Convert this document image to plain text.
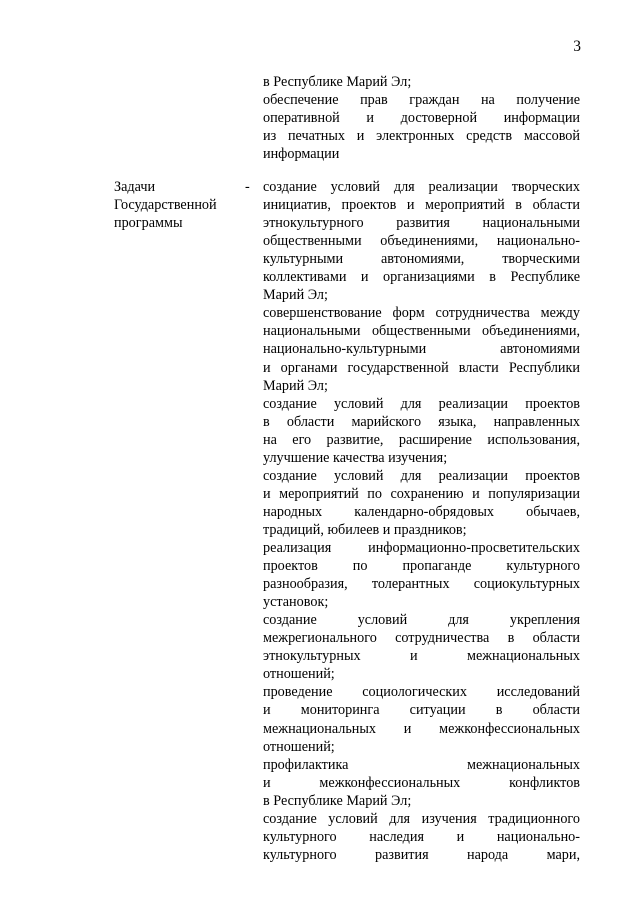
3
в Республике Марий Эл;
обеспечение прав граждан на получение
оперативной и достоверной информации
из печатных и электронных средств массовой
информации
Задачи
Государственной
программы
- создание условий для реализации творческих
инициатив, проектов и мероприятий в области
этнокультурного развития национальными
общественными объединениями, национально-
культурными автономиями, творческими
коллективами и организациями в Республике
Марий Эл;
совершенствование форм сотрудничества между
национальными общественными объединениями,
национально-культурными автономиями
и органами государственной власти Республики
Марий Эл;
создание условий для реализации проектов
в области марийского языка, направленных
на его развитие, расширение использования,
улучшение качества изучения;
создание условий для реализации проектов
и мероприятий по сохранению и популяризации
народных календарно-обрядовых обычаев,
традиций, юбилеев и праздников;
реализация информационно-просветительских
проектов по пропаганде культурного
разнообразия, толерантных социокультурных
установок;
создание условий для укрепления
межрегионального сотрудничества в области
этнокультурных и межнациональных
отношений;
проведение социологических исследований
и мониторинга ситуации в области
межнациональных и межконфессиональных
отношений;
профилактика межнациональных
и межконфессиональных конфликтов
в Республике Марий Эл;
создание условий для изучения традиционного
культурного наследия и национально-
культурного развития народа мари,
